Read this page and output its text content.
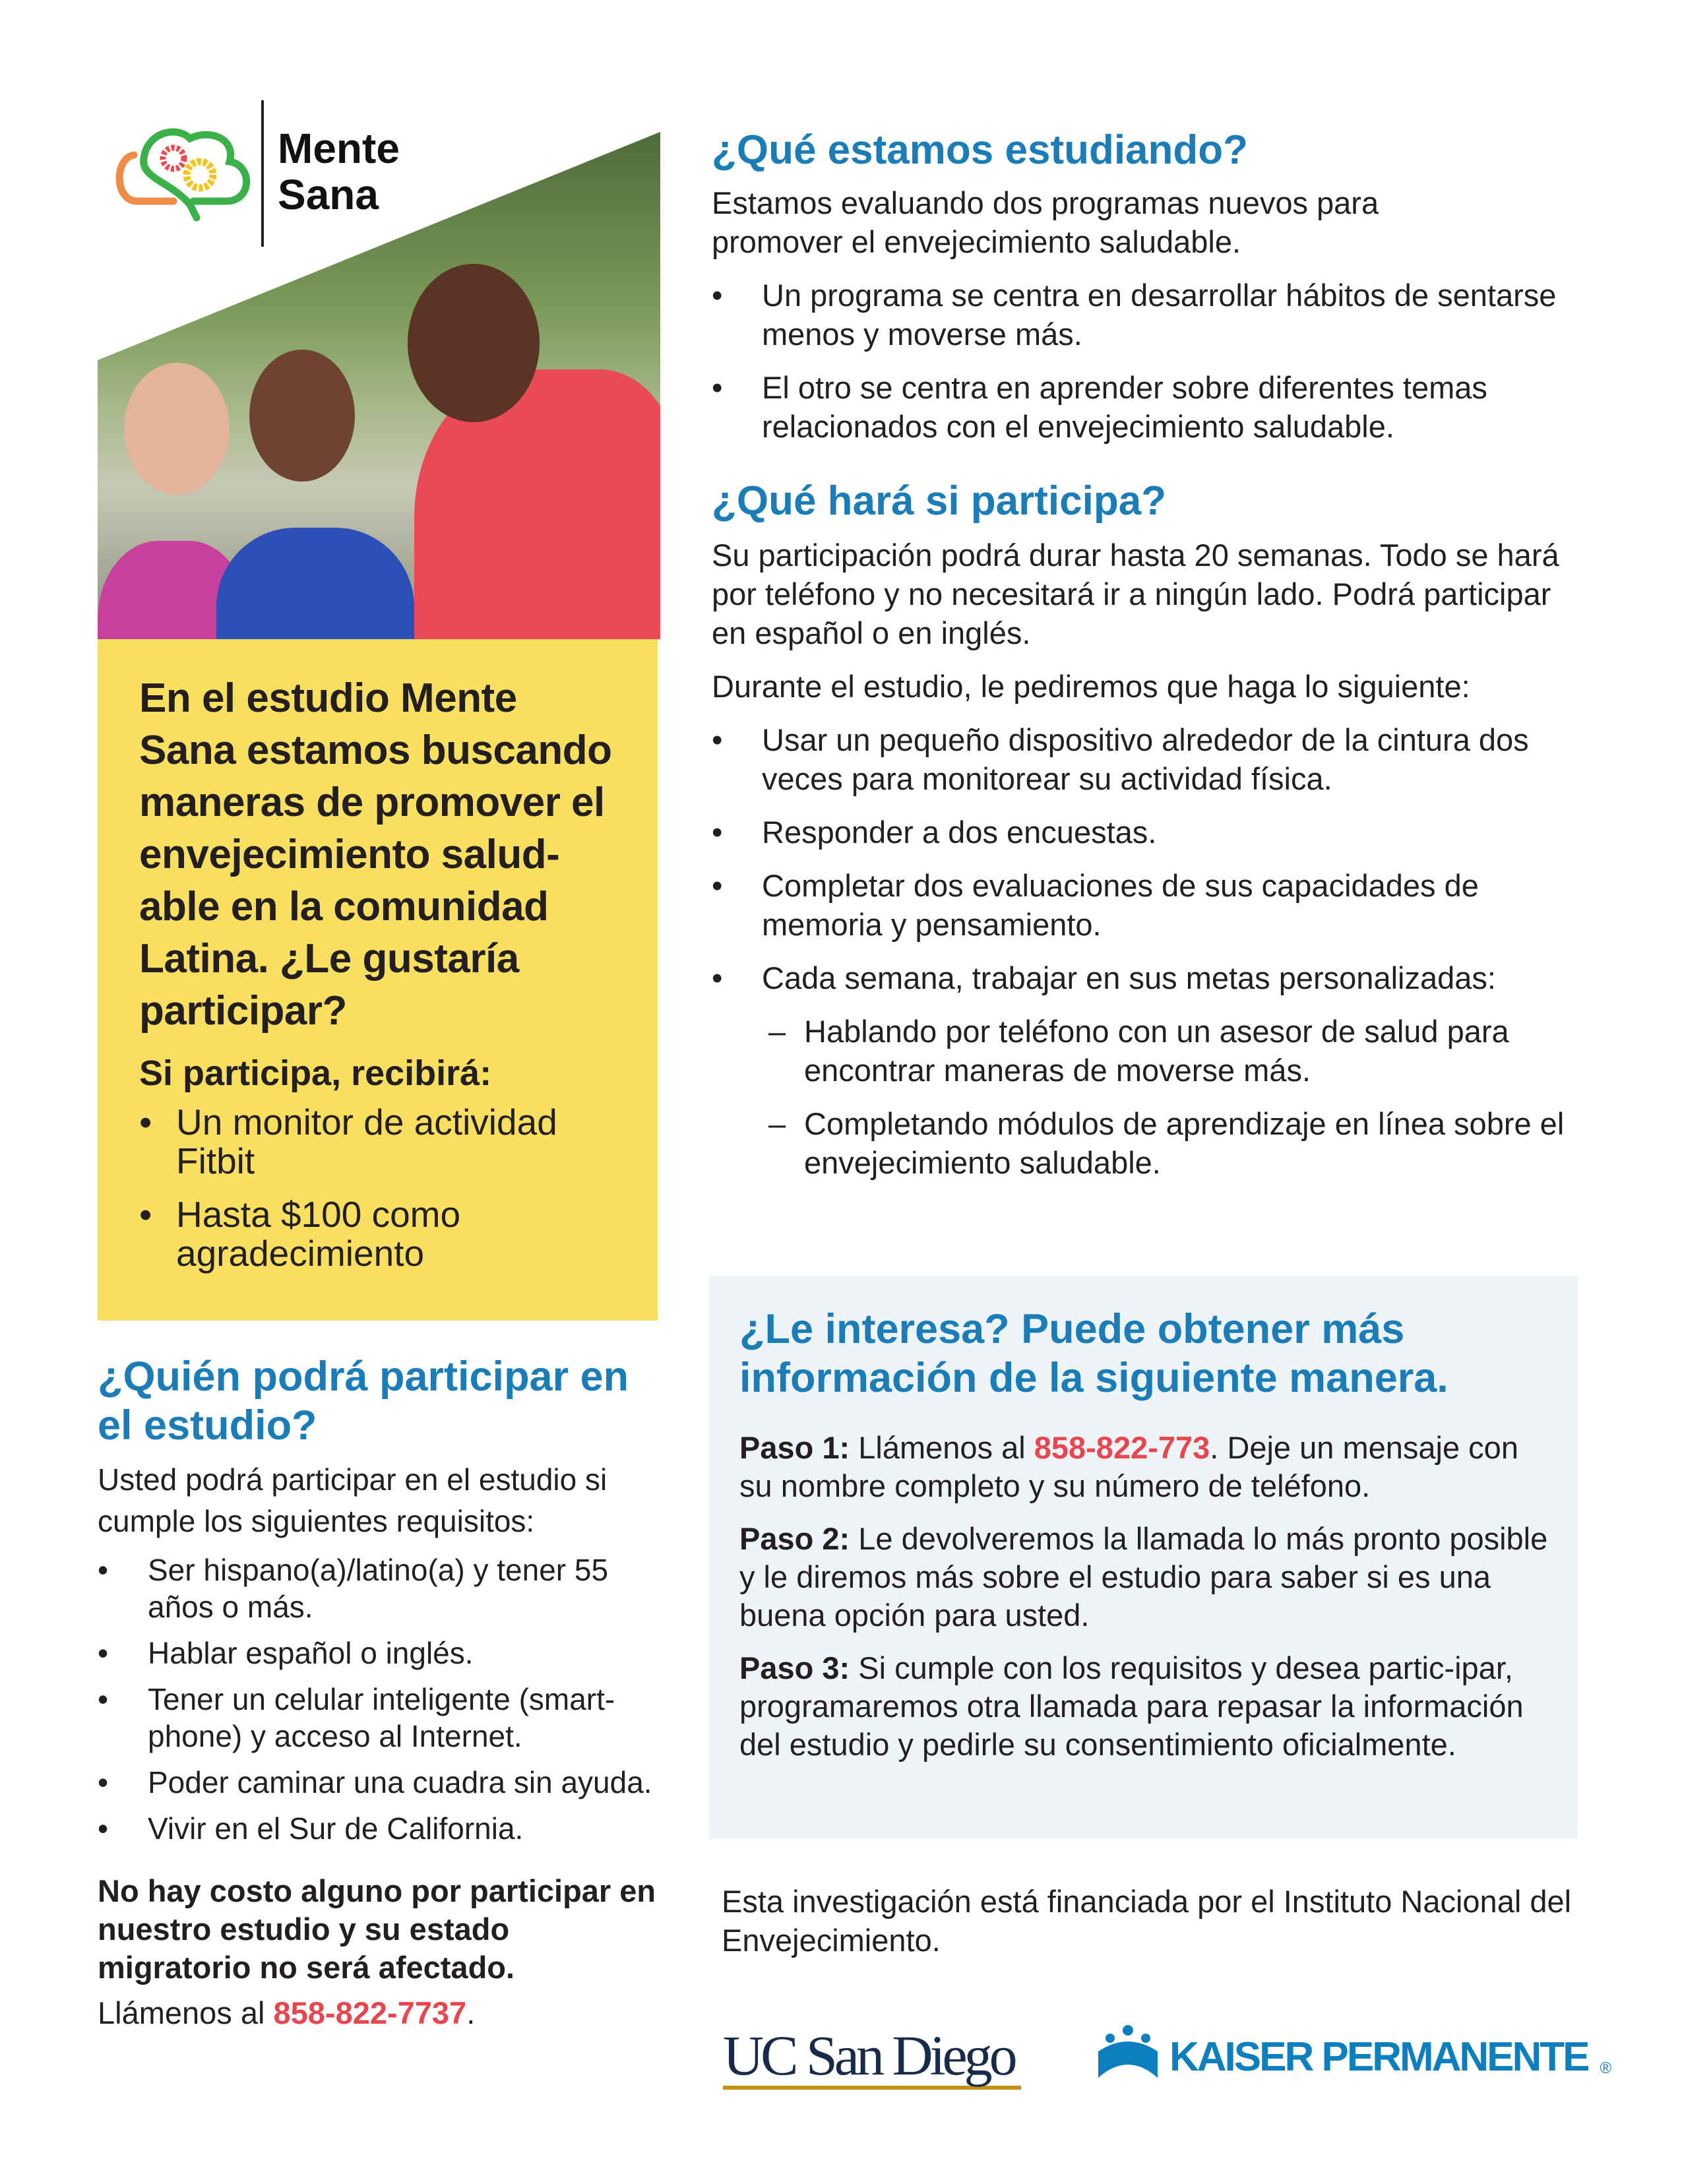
Mente
Sana
En el estudio Mente Sana estamos buscando maneras de promover el envejecimiento salud-able en la comunidad Latina. ¿Le gustaría participar?
Si participa, recibirá:
• Un monitor de actividad Fitbit
• Hasta $100 como agradecimiento
¿Quién podrá participar en el estudio?

Usted podrá participar en el estudio si cumple los siguientes requisitos:

• Ser hispano(a)/latino(a) y tener 55 años o más.
• Hablar español o inglés.
• Tener un celular inteligente (smart-phone) y acceso al Internet.
• Poder caminar una cuadra sin ayuda.
• Vivir en el Sur de California.

No hay costo alguno por participar en nuestro estudio y su estado migratorio no será afectado.

Llámenos al 858-822-7737.

¿Qué estamos estudiando?

Estamos evaluando dos programas nuevos para promover el envejecimiento saludable.

• Un programa se centra en desarrollar hábitos de sentarse menos y moverse más.
• El otro se centra en aprender sobre diferentes temas relacionados con el envejecimiento saludable.
¿Qué hará si participa?

Su participación podrá durar hasta 20 semanas. Todo se hará por teléfono y no necesitará ir a ningún lado. Podrá participar en español o en inglés.

Durante el estudio, le pediremos que haga lo siguiente:

• Usar un pequeño dispositivo alrededor de la cintura dos veces para monitorear su actividad física.
• Responder a dos encuestas.
• Completar dos evaluaciones de sus capacidades de memoria y pensamiento.
• Cada semana, trabajar en sus metas personalizadas:
– Hablando por teléfono con un asesor de salud para encontrar maneras de moverse más.
– Completando módulos de aprendizaje en línea sobre el envejecimiento saludable.
¿Le interesa? Puede obtener más información de la siguiente manera.

Paso 1: Llámenos al 858-822-773. Deje un mensaje con su nombre completo y su número de teléfono.

Paso 2: Le devolveremos la llamada lo más pronto posible y le diremos más sobre el estudio para saber si es una buena opción para usted.

Paso 3: Si cumple con los requisitos y desea partic-ipar, programaremos otra llamada para repasar la información del estudio y pedirle su consentimiento oficialmente.

Esta investigación está financiada por el Instituto Nacional del Envejecimiento.

UC San Diego	KAISER PERMANENTE ®
